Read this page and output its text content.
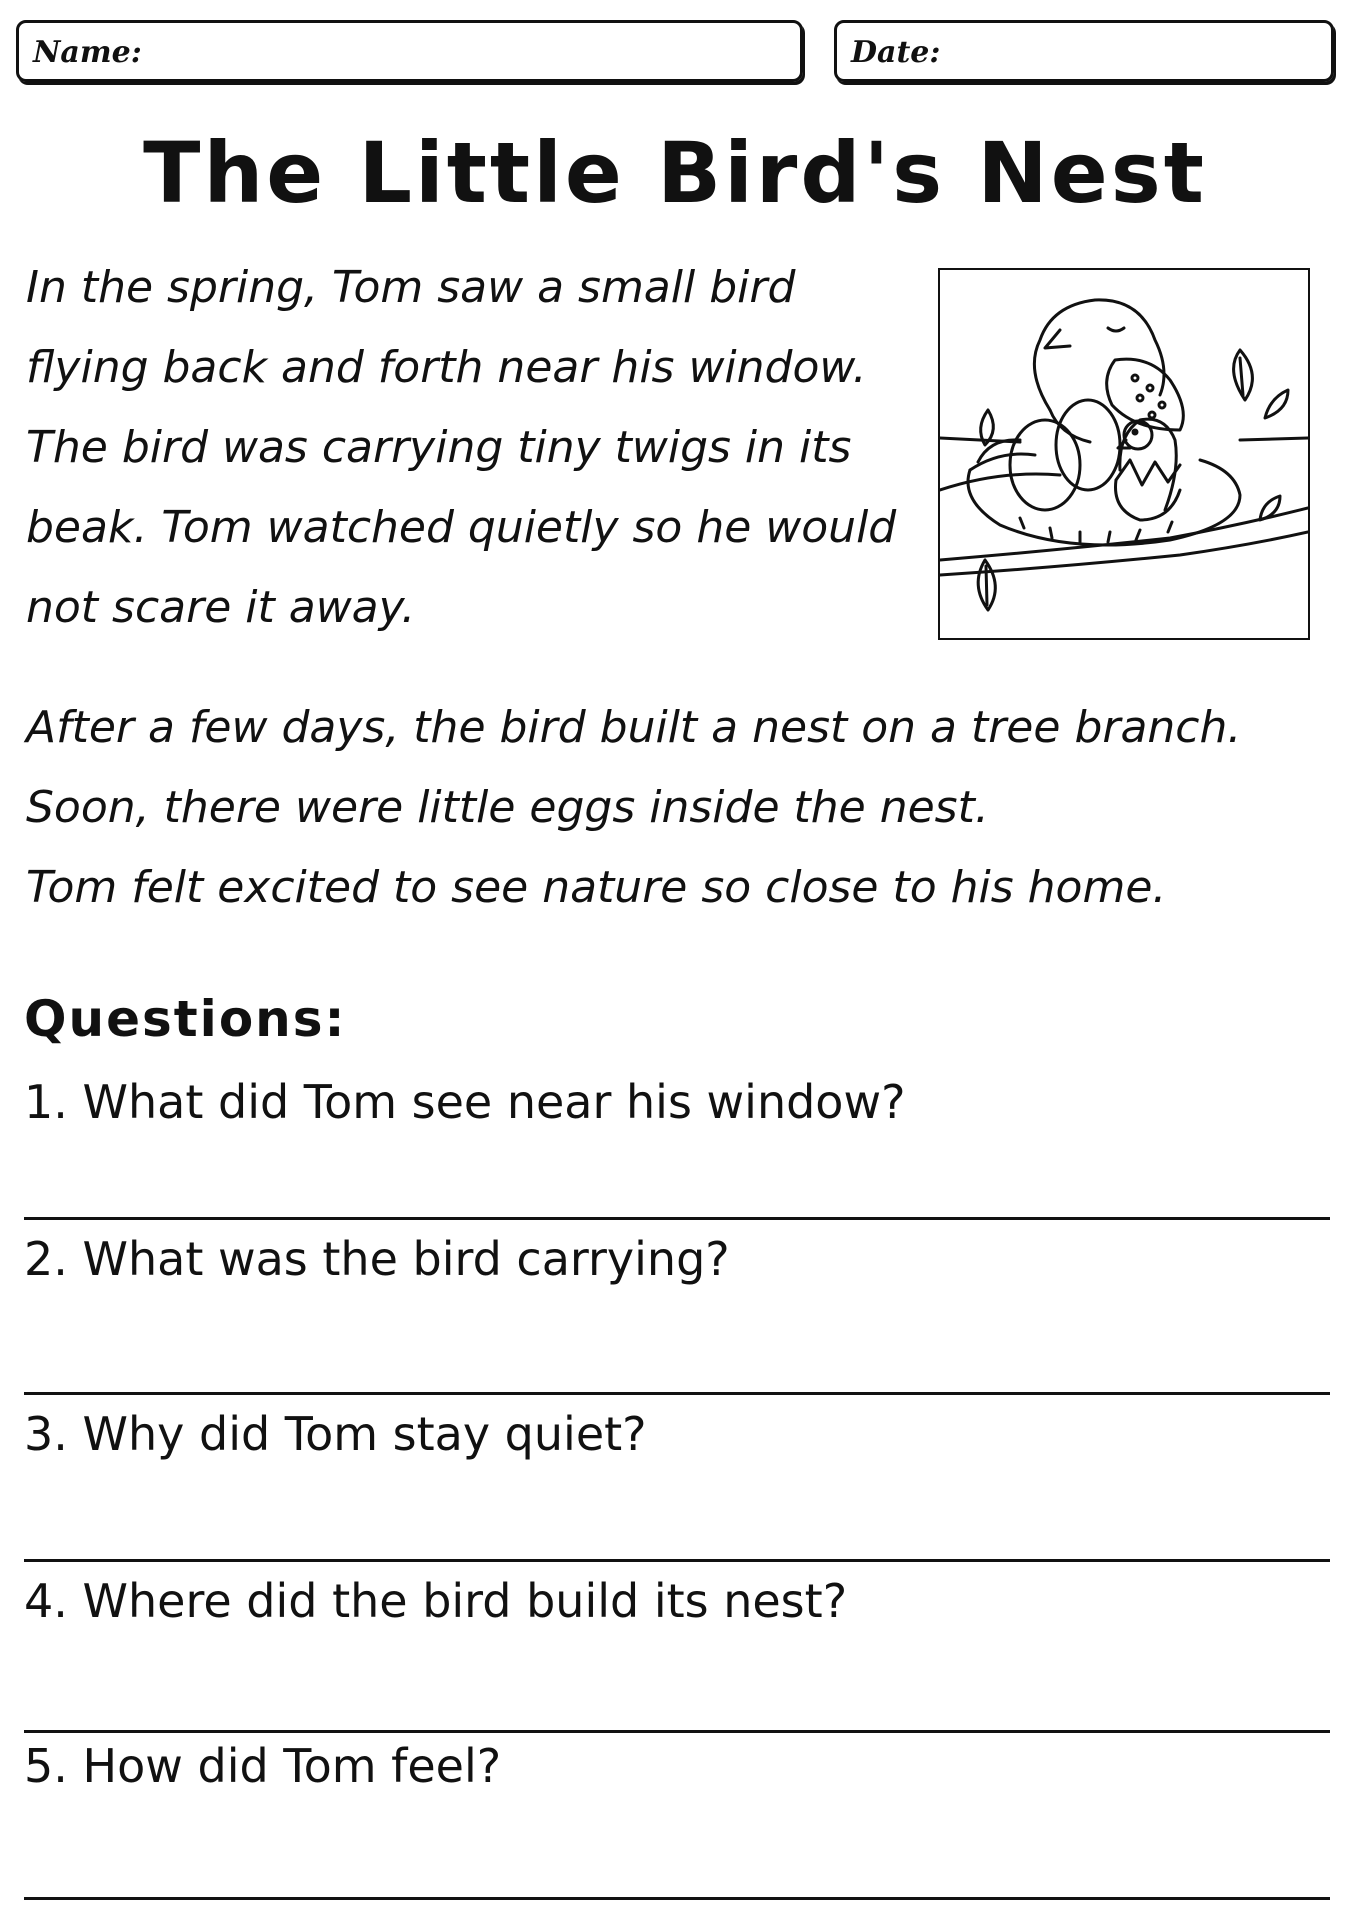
Name:	Date:
The Little Bird's Nest
In the spring, Tom saw a small bird
flying back and forth near his window.
The bird was carrying tiny twigs in its
beak. Tom watched quietly so he would
not scare it away.
After a few days, the bird built a nest on a tree branch.
Soon, there were little eggs inside the nest.
Tom felt excited to see nature so close to his home.
Questions:
1. What did Tom see near his window?
2. What was the bird carrying?
3. Why did Tom stay quiet?
4. Where did the bird build its nest?
5. How did Tom feel?
